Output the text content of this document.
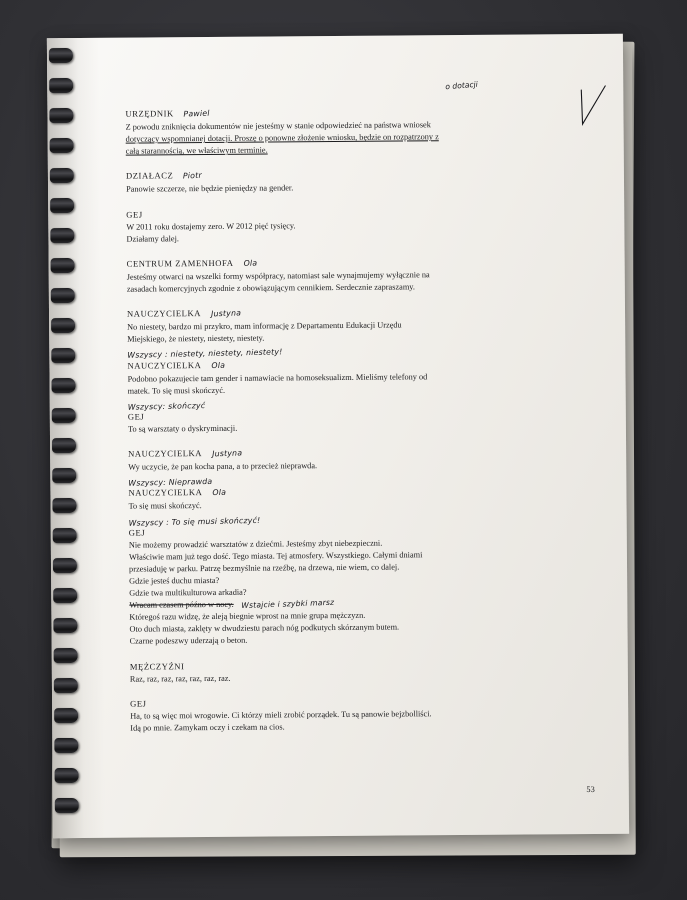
URZĘDNIK Pawiel
Z powodu zniknięcia dokumentów nie jesteśmy w stanie odpowiedzieć na państwa wniosek
dotyczący wspomnianej dotacji. Proszę o ponowne złożenie wniosku, będzie on rozpatrzony z
całą starannością, we właściwym terminie.
DZIAŁACZ Piotr
Panowie szczerze, nie będzie pieniędzy na gender.
GEJ
W 2011 roku dostajemy zero. W 2012 pięć tysięcy.
Działamy dalej.
CENTRUM ZAMENHOFA Ola
Jesteśmy otwarci na wszelki formy współpracy, natomiast sale wynajmujemy wyłącznie na
zasadach komercyjnych zgodnie z obowiązującym cennikiem. Serdecznie zapraszamy.
NAUCZYCIELKA Justyna
No niestety, bardzo mi przykro, mam informację z Departamentu Edukacji Urzędu
Miejskiego, że niestety, niestety, niestety.
Wszyscy : niestety, niestety, niestety!
NAUCZYCIELKA Ola
Podobno pokazujecie tam gender i namawiacie na homoseksualizm. Mieliśmy telefony od
matek. To się musi skończyć.
Wszyscy: skończyć
GEJ
To są warsztaty o dyskryminacji.
NAUCZYCIELKA Justyna
Wy uczycie, że pan kocha pana, a to przecież nieprawda.
Wszyscy: Nieprawda
NAUCZYCIELKA Ola
To się musi skończyć.
Wszyscy : To się musi skończyć!
GEJ
Nie możemy prowadzić warsztatów z dziećmi. Jesteśmy zbyt niebezpieczni.
Właściwie mam już tego dość. Tego miasta. Tej atmosfery. Wszystkiego. Całymi dniami
przesiaduję w parku. Patrzę bezmyślnie na rzeźbę, na drzewa, nie wiem, co dalej.
Gdzie jesteś duchu miasta?
Gdzie twa multikulturowa arkadia?
Wracam czasem późno w nocy. Wstajcie i szybki marsz
Któregoś razu widzę, że aleją biegnie wprost na mnie grupa mężczyzn.
Oto duch miasta, zaklęty w dwudziestu parach nóg podkutych skórzanym butem.
Czarne podeszwy uderzają o beton.
MĘŻCZYŹNI
Raz, raz, raz, raz, raz, raz, raz.
GEJ
Ha, to są więc moi wrogowie. Ci którzy mieli zrobić porządek. Tu są panowie bejzbolliści.
Idą po mnie. Zamykam oczy i czekam na cios.
o dotacji
53
